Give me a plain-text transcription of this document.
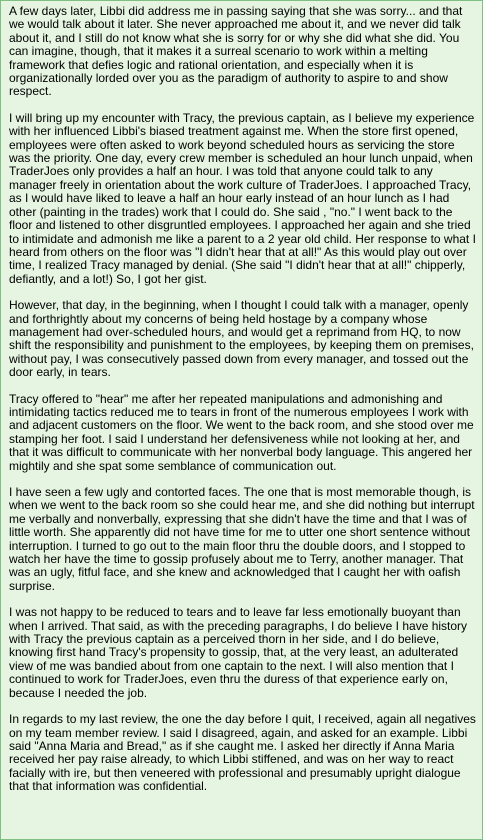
A few days later, Libbi did address me in passing saying that she was sorry... and that we would talk about it later. She never approached me about it, and we never did talk about it, and I still do not know what she is sorry for or why she did what she did. You can imagine, though, that it makes it a surreal scenario to work within a melting framework that defies logic and rational orientation, and especially when it is organizationally lorded over you as the paradigm of authority to aspire to and show respect.

I will bring up my encounter with Tracy, the previous captain, as I believe my experience with her influenced Libbi's biased treatment against me. When the store first opened, employees were often asked to work beyond scheduled hours as servicing the store was the priority. One day, every crew member is scheduled an hour lunch unpaid, when TraderJoes only provides a half an hour. I was told that anyone could talk to any manager freely in orientation about the work culture of TraderJoes. I approached Tracy, as I would have liked to leave a half an hour early instead of an hour lunch as I had other (painting in the trades) work that I could do. She said , "no." I went back to the floor and listened to other disgruntled employees. I approached her again and she tried to intimidate and admonish me like a parent to a 2 year old child. Her response to what I heard from others on the floor was "I didn't hear that at all!" As this would play out over time, I realized Tracy managed by denial. (She said "I didn't hear that at all!" chipperly, defiantly, and a lot!) So, I got her gist.

However, that day, in the beginning, when I thought I could talk with a manager, openly and forthrightly about my concerns of being held hostage by a company whose management had over-scheduled hours, and would get a reprimand from HQ, to now shift the responsibility and punishment to the employees, by keeping them on premises, without pay, I was consecutively passed down from every manager, and tossed out the door early, in tears.

Tracy offered to "hear" me after her repeated manipulations and admonishing and intimidating tactics reduced me to tears in front of the numerous employees I work with and adjacent customers on the floor. We went to the back room, and she stood over me stamping her foot. I said I understand her defensiveness while not looking at her, and that it was difficult to communicate with her nonverbal body language. This angered her mightily and she spat some semblance of communication out.

I have seen a few ugly and contorted faces. The one that is most memorable though, is when we went to the back room so she could hear me, and she did nothing but interrupt me verbally and nonverbally, expressing that she didn't have the time and that I was of little worth. She apparently did not have time for me to utter one short sentence without interruption. I turned to go out to the main floor thru the double doors, and I stopped to watch her have the time to gossip profusely about me to Terry, another manager. That was an ugly, fitful face, and she knew and acknowledged that I caught her with oafish surprise.

I was not happy to be reduced to tears and to leave far less emotionally buoyant than when I arrived. That said, as with the preceding paragraphs, I do believe I have history with Tracy the previous captain as a perceived thorn in her side, and I do believe, knowing first hand Tracy's propensity to gossip, that, at the very least, an adulterated view of me was bandied about from one captain to the next. I will also mention that I continued to work for TraderJoes, even thru the duress of that experience early on, because I needed the job.

In regards to my last review, the one the day before I quit, I received, again all negatives on my team member review. I said I disagreed, again, and asked for an example. Libbi said "Anna Maria and Bread," as if she caught me. I asked her directly if Anna Maria received her pay raise already, to which Libbi stiffened, and was on her way to react facially with ire, but then veneered with professional and presumably upright dialogue that that information was confidential.
